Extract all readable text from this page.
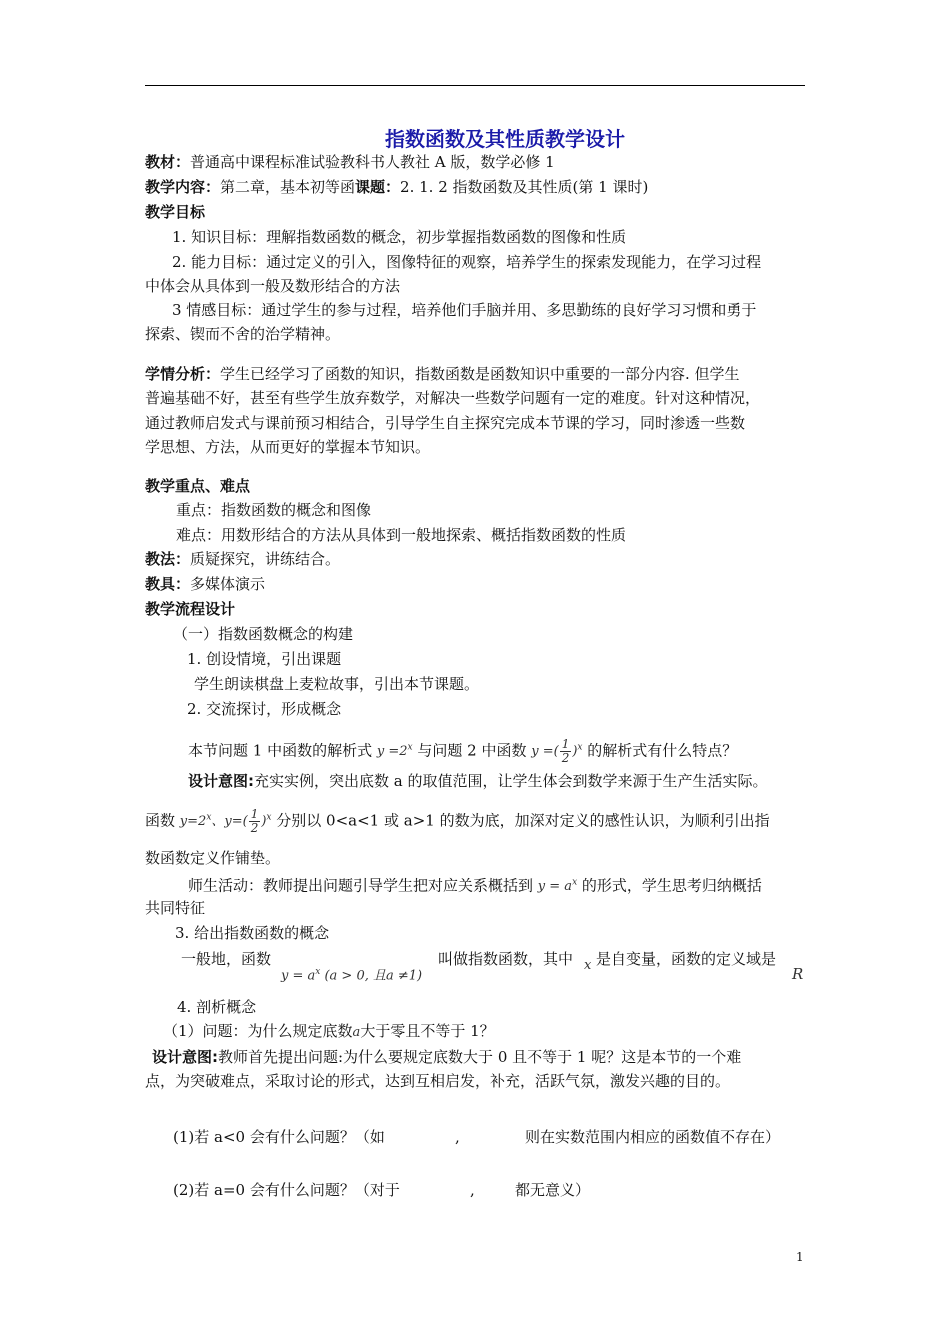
指数函数及其性质教学设计
教材：普通高中课程标准试验教科书人教社 A 版，数学必修 1
教学内容：第二章，基本初等函课题：2. 1. 2 指数函数及其性质(第 1 课时)
教学目标
1. 知识目标：理解指数函数的概念，初步掌握指数函数的图像和性质
2. 能力目标：通过定义的引入，图像特征的观察，培养学生的探索发现能力，在学习过程
中体会从具体到一般及数形结合的方法
3 情感目标：通过学生的参与过程，培养他们手脑并用、多思勤练的良好学习习惯和勇于
探索、锲而不舍的治学精神。
学情分析：学生已经学习了函数的知识，指数函数是函数知识中重要的一部分内容. 但学生
普遍基础不好，甚至有些学生放弃数学，对解决一些数学问题有一定的难度。针对这种情况，
通过教师启发式与课前预习相结合，引导学生自主探究完成本节课的学习，同时渗透一些数
学思想、方法，从而更好的掌握本节知识。
教学重点、难点
重点：指数函数的概念和图像
难点：用数形结合的方法从具体到一般地探索、概括指数函数的性质
教法：质疑探究，讲练结合。
教具：多媒体演示
教学流程设计
（一）指数函数概念的构建
1. 创设情境，引出课题
学生朗读棋盘上麦粒故事，引出本节课题。
2. 交流探讨，形成概念
本节问题 1 中函数的解析式 $y =2^x$ 与问题 2 中函数 y =( $\frac{1}{2} )^x$ 的解析式有什么特点？
设计意图:充实实例，突出底数 a 的取值范围，让学生体会到数学来源于生产生活实际。
函数 $y=2^x$、$y=( \frac{1}{2} )^x$ 分别以 0<a<1 或 a>1 的数为底，加深对定义的感性认识，为顺利引出指
数函数定义作铺垫。
师生活动：教师提出问题引导学生把对应关系概括到 $y = a^x$ 的形式，学生思考归纳概括
共同特征
3. 给出指数函数的概念
一般地，函数
$y = a^x$ (a > 0, 且a ≠1)
叫做指数函数，其中 x 是自变量，函数的定义域是
R
4. 剖析概念
（1）问题：为什么规定底数a大于零且不等于 1？
设计意图:教师首先提出问题:为什么要规定底数大于 0 且不等于 1 呢？这是本节的一个难
点，为突破难点，采取讨论的形式，达到互相启发，补充，活跃气氛，激发兴趣的目的。
(1)若 a<0 会有什么问题？（如	,	则在实数范围内相应的函数值不存在）
(2)若 a=0 会有什么问题？（对于	,	都无意义）
1
